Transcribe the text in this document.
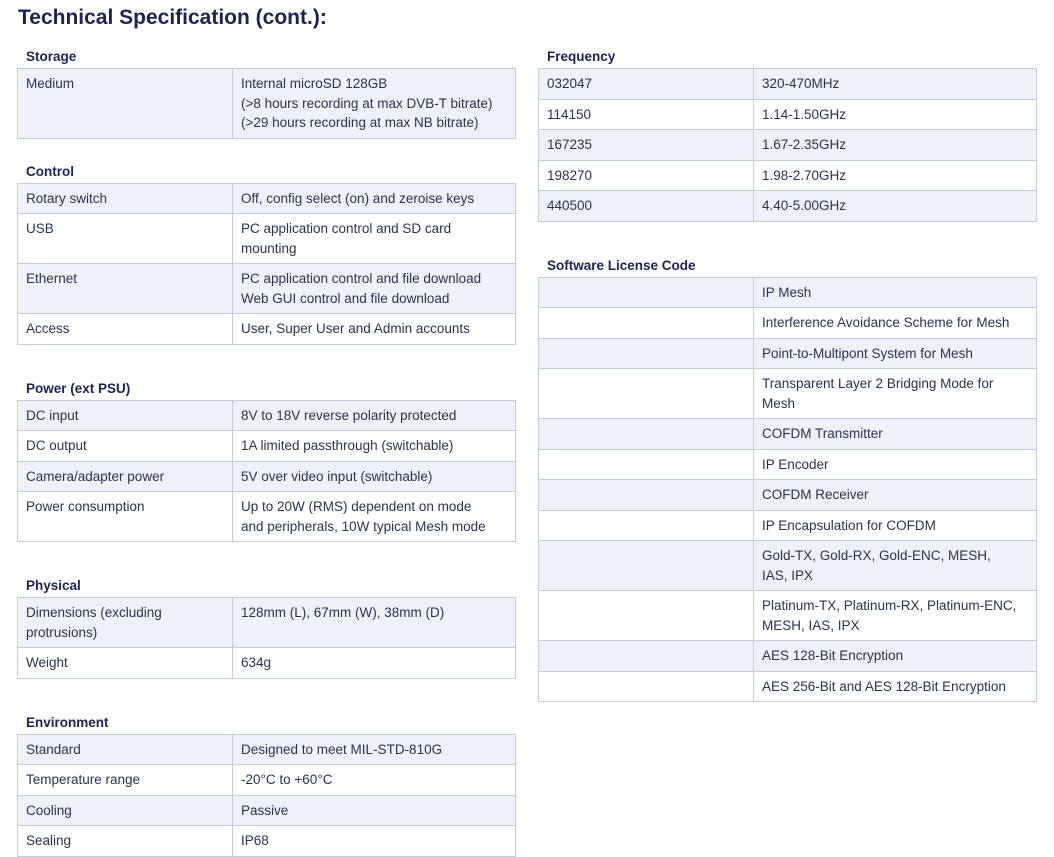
Technical Specification (cont.):
Storage
Medium	Internal microSD 128GB
(>8 hours recording at max DVB-T bitrate)
(>29 hours recording at max NB bitrate)
Control
Rotary switch	Off, config select (on) and zeroise keys
USB	PC application control and SD card
mounting
Ethernet	PC application control and file download
Web GUI control and file download
Access	User, Super User and Admin accounts
Power (ext PSU)
DC input	8V to 18V reverse polarity protected
DC output	1A limited passthrough (switchable)
Camera/adapter power	5V over video input (switchable)
Power consumption	Up to 20W (RMS) dependent on mode
and peripherals, 10W typical Mesh mode
Physical
Dimensions (excluding
protrusions)	128mm (L), 67mm (W), 38mm (D)
Weight	634g
Environment
Standard	Designed to meet MIL-STD-810G
Temperature range	-20°C to +60°C
Cooling	Passive
Sealing	IP68
Frequency
032047	320-470MHz
114150	1.14-1.50GHz
167235	1.67-2.35GHz
198270	1.98-2.70GHz
440500	4.40-5.00GHz
Software License Code
	IP Mesh
	Interference Avoidance Scheme for Mesh
	Point-to-Multipont System for Mesh
	Transparent Layer 2 Bridging Mode for
Mesh
	COFDM Transmitter
	IP Encoder
	COFDM Receiver
	IP Encapsulation for COFDM
	Gold-TX, Gold-RX, Gold-ENC, MESH,
IAS, IPX
	Platinum-TX, Platinum-RX, Platinum-ENC,
MESH, IAS, IPX
	AES 128-Bit Encryption
	AES 256-Bit and AES 128-Bit Encryption
